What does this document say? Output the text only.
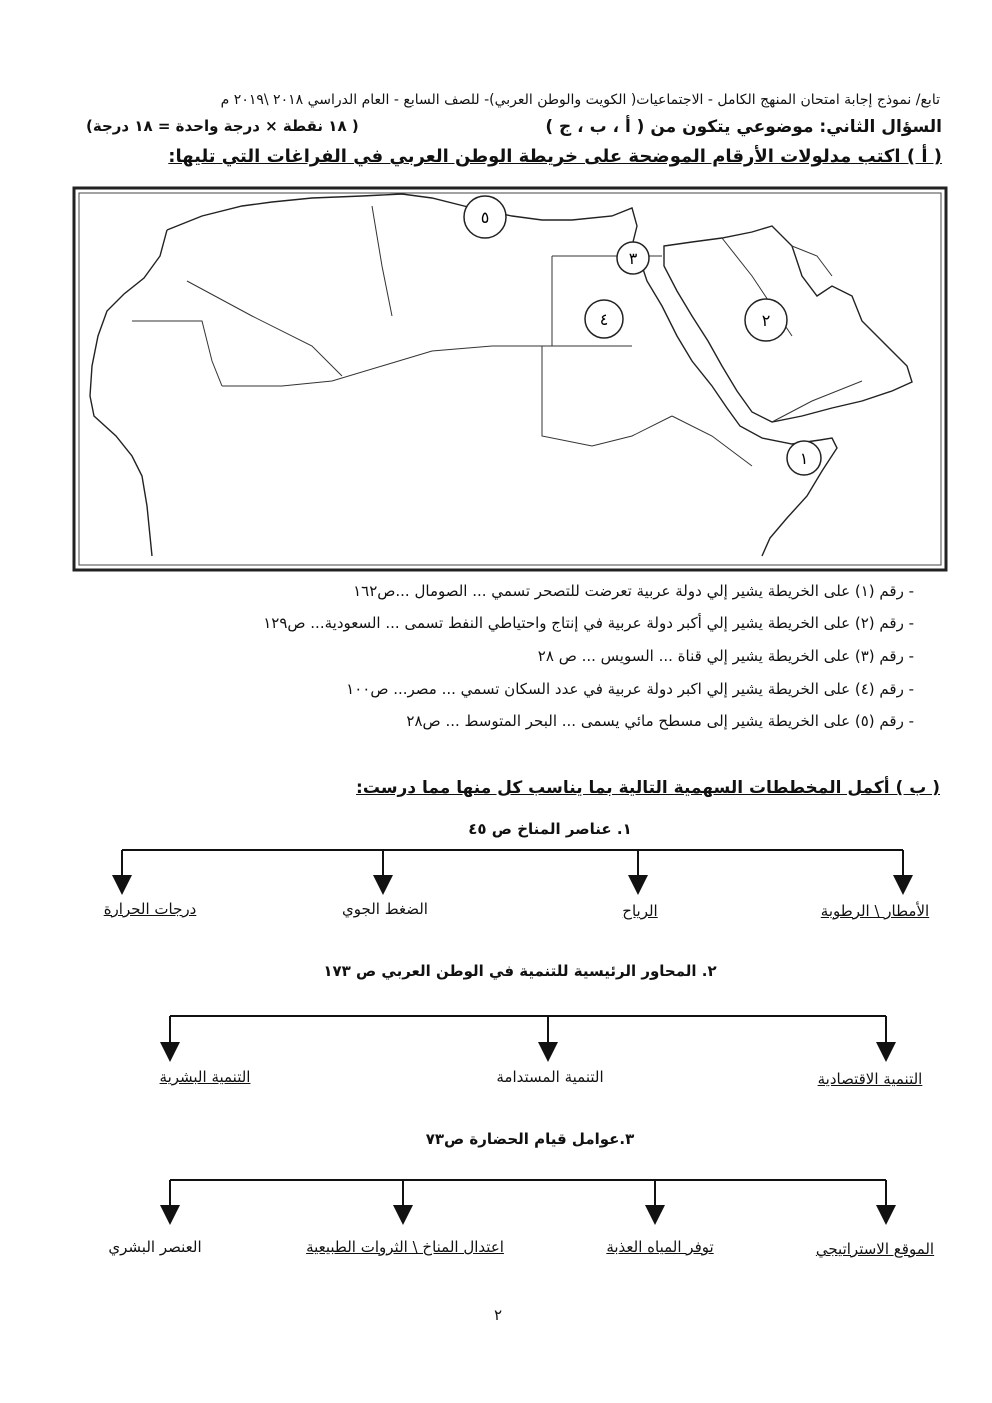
تابع/ نموذج إجابة امتحان المنهج الكامل - الاجتماعيات( الكويت والوطن العربي)- للصف السابع - العام الدراسي ٢٠١٨ \٢٠١٩ م
السؤال الثاني: موضوعي يتكون من ( أ ، ب ، ج )
( ١٨ نقطة × درجة واحدة = ١٨ درجة)
( أ ) اكتب مدلولات الأرقام الموضحة على خريطة الوطن العربي في الفراغات التي تليها:
١
٢
٣
٤
٥
- رقم (١) على الخريطة يشير إلي دولة عربية تعرضت للتصحر تسمي ... الصومال ...ص١٦٢
- رقم (٢) على الخريطة يشير إلي أكبر دولة عربية في إنتاج واحتياطي النفط تسمى ... السعودية... ص١٢٩
- رقم (٣) على الخريطة يشير إلي قناة ... السويس ... ص ٢٨
- رقم (٤) على الخريطة يشير إلي اكبر دولة عربية في عدد السكان تسمي ... مصر... ص١٠٠
- رقم (٥) على الخريطة يشير إلى مسطح مائي يسمى ... البحر المتوسط ... ص٢٨
( ب ) أكمل المخططات السهمية التالية بما يناسب كل منها مما درست:
١. عناصر المناخ ص ٤٥
الأمطار \ الرطوبة
الرياح
الضغط الجوي
درجات الحرارة
٢. المحاور الرئيسية للتنمية في الوطن العربي ص ١٧٣
التنمية الاقتصادية
التنمية المستدامة
التنمية البشرية
٣.عوامل قيام الحضارة ص٧٣
الموقع الاستراتيجي
توفر المياه العذبة
اعتدال المناخ \ الثروات الطبيعية
العنصر البشري
٢
